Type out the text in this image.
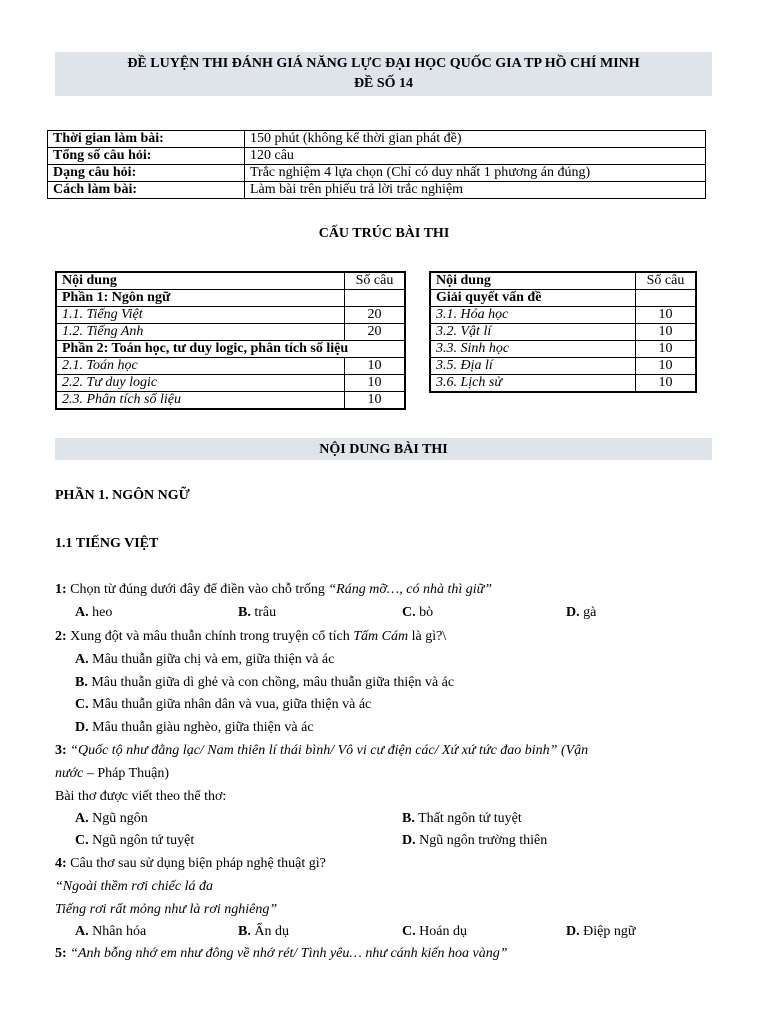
ĐỀ LUYỆN THI ĐÁNH GIÁ NĂNG LỰC ĐẠI HỌC QUỐC GIA TP HỒ CHÍ MINH
ĐỀ SỐ 14
Thời gian làm bài:	150 phút (không kể thời gian phát đề)
Tổng số câu hỏi:	120 câu
Dạng câu hỏi:	Trắc nghiệm 4 lựa chọn (Chỉ có duy nhất 1 phương án đúng)
Cách làm bài:	Làm bài trên phiếu trả lời trắc nghiệm
CẤU TRÚC BÀI THI
Nội dung	Số câu
Phần 1: Ngôn ngữ	
1.1. Tiếng Việt	20
1.2. Tiếng Anh	20
Phần 2: Toán học, tư duy logic, phân tích số liệu	
2.1. Toán học	10
2.2. Tư duy logic	10
2.3. Phân tích số liệu	10
Nội dung	Số câu
Giải quyết vấn đề	
3.1. Hóa học	10
3.2. Vật lí	10
3.3. Sinh học	10
3.5. Địa lí	10
3.6. Lịch sử	10
NỘI DUNG BÀI THI
PHẦN 1. NGÔN NGỮ
1.1 TIẾNG VIỆT
1: Chọn từ đúng dưới đây để điền vào chỗ trống “Ráng mỡ…, có nhà thì giữ”
A. heo	B. trâu	C. bò	D. gà
2: Xung đột và mâu thuẫn chính trong truyện cổ tích Tấm Cám là gì?\
A. Mâu thuẫn giữa chị và em, giữa thiện và ác
B. Mâu thuẫn giữa dì ghẻ và con chồng, mâu thuẫn giữa thiện và ác
C. Mâu thuẫn giữa nhân dân và vua, giữa thiện và ác
D. Mâu thuẫn giàu nghèo, giữa thiện và ác
3: “Quốc tộ như đằng lạc/ Nam thiên lí thái bình/ Vô vi cư điện các/ Xứ xứ tức đao binh” (Vận
nước – Pháp Thuận)
Bài thơ được viết theo thể thơ:
A. Ngũ ngôn	B. Thất ngôn tứ tuyệt
C. Ngũ ngôn tứ tuyệt	D. Ngũ ngôn trường thiên
4: Câu thơ sau sử dụng biện pháp nghệ thuật gì?
“Ngoài thềm rơi chiếc lá đa
Tiếng rơi rất mỏng như là rơi nghiêng”
A. Nhân hóa	B. Ẩn dụ	C. Hoán dụ	D. Điệp ngữ
5: “Anh bỗng nhớ em như đông về nhớ rét/ Tình yêu… như cánh kiến hoa vàng”
